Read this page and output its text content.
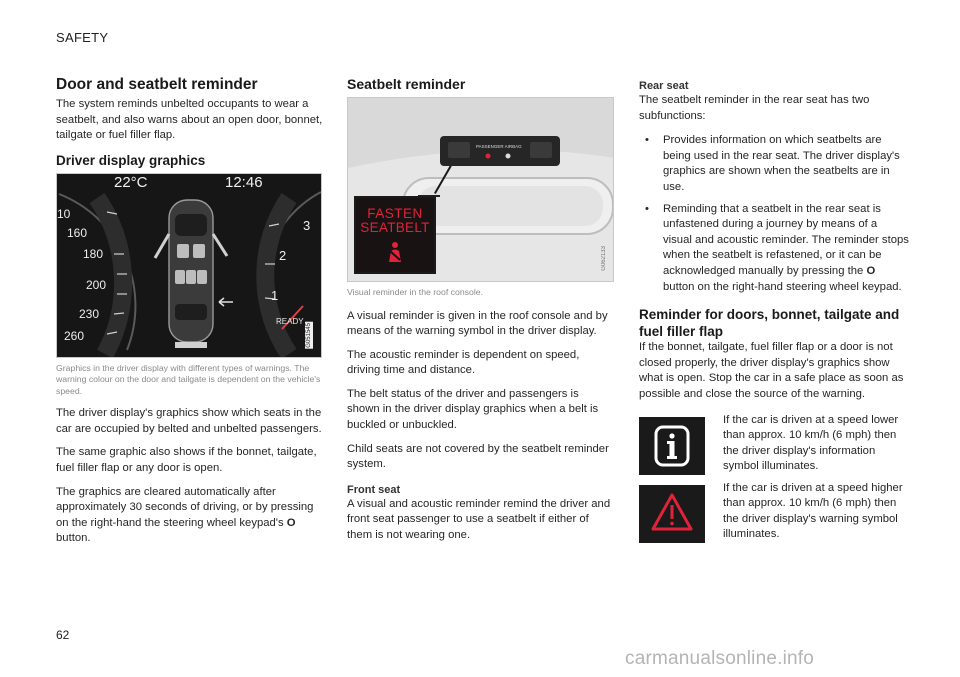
SAFETY
Door and seatbelt reminder

The system reminds unbelted occupants to wear a seatbelt, and also warns about an open door, bonnet, tailgate or fuel filler flap.

Driver display graphics
22°C	12:46
10
160
180
200
230
260
3
2
1
READY
G051545
Graphics in the driver display with different types of warnings. The warning colour on the door and tailgate is dependent on the vehicle's speed.

The driver display's graphics show which seats in the car are occupied by belted and unbelted passengers.

The same graphic also shows if the bonnet, tailgate, fuel filler flap or any door is open.

The graphics are cleared automatically after approximately 30 seconds of driving, or by pressing on the right-hand the steering wheel keypad's O button.

Seatbelt reminder
PASSENGER AIRBAG
FASTEN
SEATBELT
G062133
Visual reminder in the roof console.

A visual reminder is given in the roof console and by means of the warning symbol in the driver display.

The acoustic reminder is dependent on speed, driving time and distance.

The belt status of the driver and passengers is shown in the driver display graphics when a belt is buckled or unbuckled.

Child seats are not covered by the seatbelt reminder system.

Front seat

A visual and acoustic reminder remind the driver and front seat passenger to use a seatbelt if either of them is not wearing one.

Rear seat

The seatbelt reminder in the rear seat has two subfunctions:

• Provides information on which seatbelts are being used in the rear seat. The driver display's graphics are shown when the seatbelts are in use.
• Reminding that a seatbelt in the rear seat is unfastened during a journey by means of a visual and acoustic reminder. The reminder stops when the seatbelt is refastened, or it can be acknowledged manually by pressing the O button on the right-hand steering wheel keypad.
Reminder for doors, bonnet, tailgate and fuel filler flap

If the bonnet, tailgate, fuel filler flap or a door is not closed properly, the driver display's graphics show what is open. Stop the car in a safe place as soon as possible and close the source of the warning.

If the car is driven at a speed lower than approx. 10 km/h (6 mph) then the driver display's information symbol illuminates.

If the car is driven at a speed higher than approx. 10 km/h (6 mph) then the driver display's warning symbol illuminates.

62
carmanualsonline.info
